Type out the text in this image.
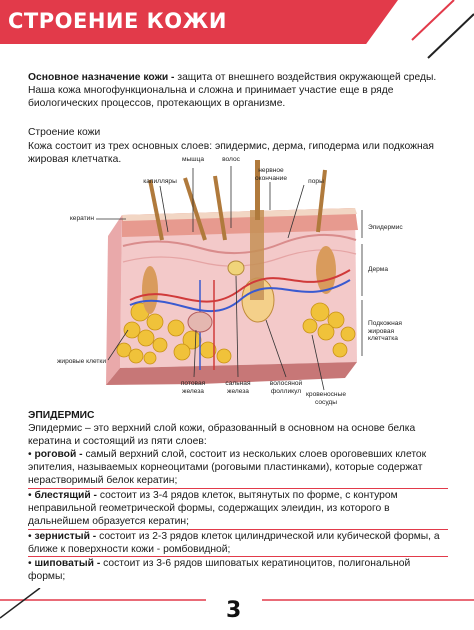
СТРОЕНИЕ КОЖИ

Основное назначение кожи - защита от внешнего воздействия окружающей среды. Наша кожа многофункциональна и сложна и принимает участие еще в ряде биологических процессов, протекающих в организме.

Строение кожи

Кожа состоит из трех основных слоев: эпидермис, дерма, гиподерма или подкожная жировая клетчатка.	мышца	волос
нервное окончание	поры
капилляры
кератин
Эпидермис
Дерма
Подкожная жировая клетчатка
жировые клетки
потовая железа
сальная железа
волосяной фолликул кровеносные сосуды

ЭПИДЕРМИС

Эпидермис – это верхний слой кожи, образованный в основном на основе белка кератина и состоящий из пяти слоев:

• роговой - самый верхний слой, состоит из нескольких слоев ороговевших клеток эпителия, называемых корнеоцитами (роговыми пластинками), которые содержат нерастворимый белок кератин;

• блестящий - состоит из 3-4 рядов клеток, вытянутых по форме, с контуром неправильной геометрической формы, содержащих элеидин, из которого в дальнейшем образуется кератин;

• зернистый - состоит из 2-3 рядов клеток цилиндрической или кубической формы, а ближе к поверхности кожи - ромбовидной;

• шиповатый - состоит из 3-6 рядов шиповатых кератиноцитов, полигональной формы;

3
